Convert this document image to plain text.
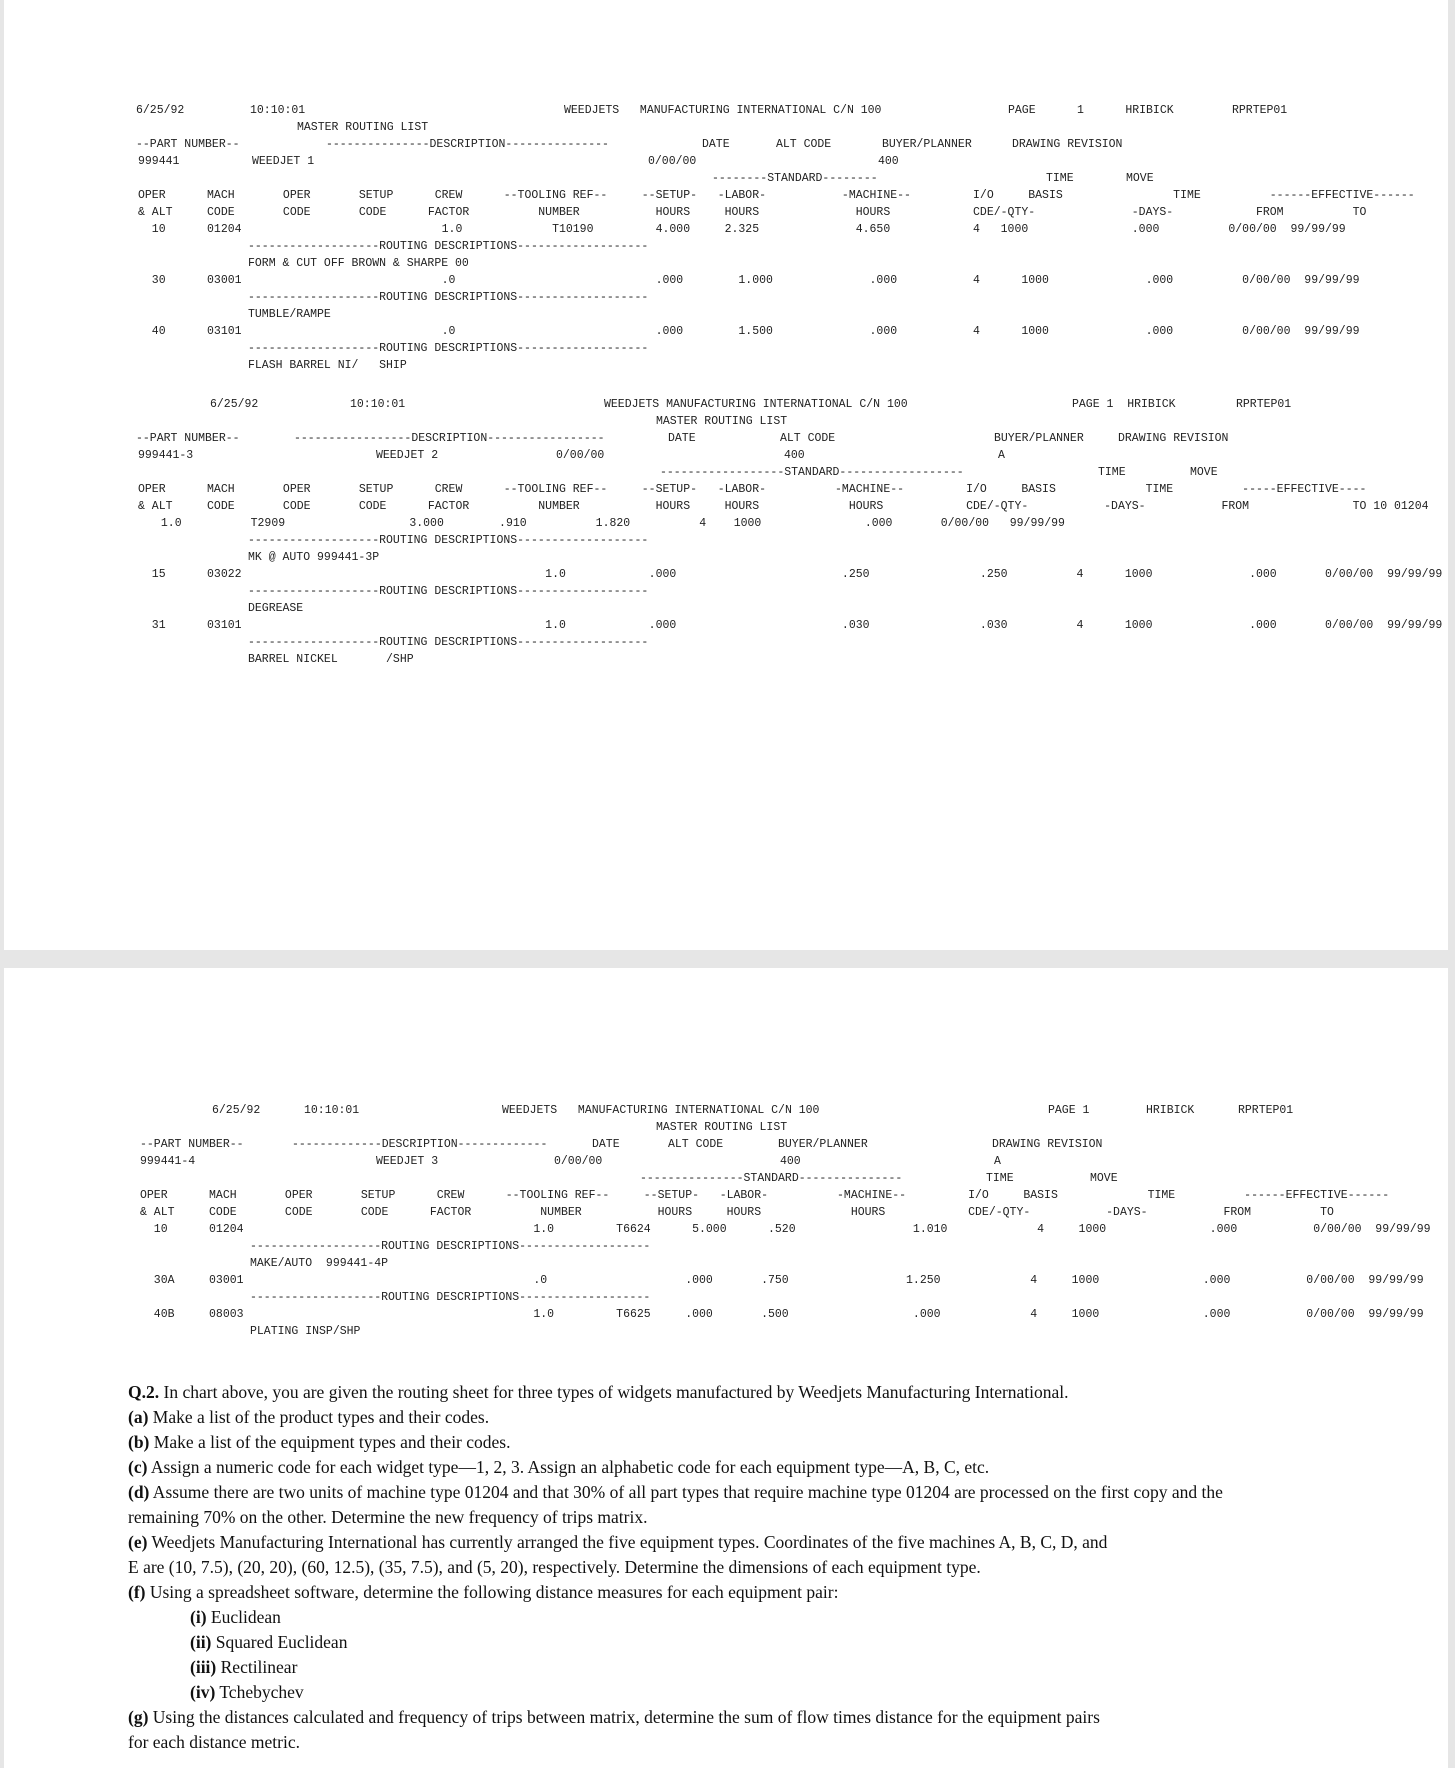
6/25/92	10:10:01	WEEDJETS   MANUFACTURING INTERNATIONAL C/N 100	PAGE      1      HRIBICK	RPRTEP01
MASTER ROUTING LIST
--PART NUMBER--	---------------DESCRIPTION---------------	DATE	ALT CODE	BUYER/PLANNER	DRAWING REVISION
999441	WEEDJET 1	0/00/00	400
--------STANDARD--------	TIME	MOVE
OPER      MACH       OPER       SETUP      CREW      --TOOLING REF--     --SETUP-   -LABOR-           -MACHINE--         I/O     BASIS                TIME          ------EFFECTIVE------
& ALT     CODE       CODE       CODE      FACTOR          NUMBER           HOURS     HOURS              HOURS            CDE/-QTY-              -DAYS-            FROM          TO
10      01204                             1.0             T10190         4.000     2.325              4.650            4   1000               .000          0/00/00  99/99/99
-------------------ROUTING DESCRIPTIONS-------------------
FORM & CUT OFF BROWN & SHARPE 00
30      03001                             .0                             .000        1.000              .000           4      1000              .000          0/00/00  99/99/99
-------------------ROUTING DESCRIPTIONS-------------------
TUMBLE/RAMPE
40      03101                             .0                             .000        1.500              .000           4      1000              .000          0/00/00  99/99/99
-------------------ROUTING DESCRIPTIONS-------------------
FLASH BARREL NI/   SHIP
6/25/92	10:10:01	WEEDJETS MANUFACTURING INTERNATIONAL C/N 100	PAGE 1  HRIBICK	RPRTEP01
MASTER ROUTING LIST
--PART NUMBER--	-----------------DESCRIPTION-----------------	DATE	ALT CODE	BUYER/PLANNER	DRAWING REVISION
999441-3	WEEDJET 2	0/00/00	400	A
------------------STANDARD------------------	TIME	MOVE
OPER      MACH       OPER       SETUP      CREW      --TOOLING REF--     --SETUP-   -LABOR-          -MACHINE--         I/O     BASIS             TIME          -----EFFECTIVE----
& ALT     CODE       CODE       CODE      FACTOR          NUMBER           HOURS     HOURS             HOURS            CDE/-QTY-           -DAYS-           FROM               TO 10 01204
1.0          T2909                  3.000        .910          1.820          4    1000               .000       0/00/00   99/99/99
-------------------ROUTING DESCRIPTIONS-------------------
MK @ AUTO 999441-3P
15      03022                                            1.0            .000                        .250                .250          4      1000              .000       0/00/00  99/99/99
-------------------ROUTING DESCRIPTIONS-------------------
DEGREASE
31      03101                                            1.0            .000                        .030                .030          4      1000              .000       0/00/00  99/99/99
-------------------ROUTING DESCRIPTIONS-------------------
BARREL NICKEL       /SHP
6/25/92	10:10:01	WEEDJETS   MANUFACTURING INTERNATIONAL C/N 100	PAGE 1	HRIBICK	RPRTEP01
MASTER ROUTING LIST
--PART NUMBER--	-------------DESCRIPTION-------------	DATE	ALT CODE	BUYER/PLANNER	DRAWING REVISION
999441-4	WEEDJET 3	0/00/00	400	A
---------------STANDARD---------------	TIME	MOVE
OPER      MACH       OPER       SETUP      CREW      --TOOLING REF--     --SETUP-   -LABOR-          -MACHINE--         I/O     BASIS             TIME          ------EFFECTIVE------
& ALT     CODE       CODE       CODE      FACTOR          NUMBER           HOURS     HOURS             HOURS            CDE/-QTY-           -DAYS-           FROM          TO
10      01204                                          1.0         T6624      5.000      .520                 1.010             4     1000               .000           0/00/00  99/99/99
-------------------ROUTING DESCRIPTIONS-------------------
MAKE/AUTO  999441-4P
30A     03001                                          .0                    .000       .750                 1.250             4     1000               .000           0/00/00  99/99/99
-------------------ROUTING DESCRIPTIONS-------------------
40B     08003                                          1.0         T6625     .000       .500                  .000             4     1000               .000           0/00/00  99/99/99
PLATING INSP/SHP
Q.2. In chart above, you are given the routing sheet for three types of widgets manufactured by Weedjets Manufacturing International.
(a) Make a list of the product types and their codes.
(b) Make a list of the equipment types and their codes.
(c) Assign a numeric code for each widget type—1, 2, 3. Assign an alphabetic code for each equipment type—A, B, C, etc.
(d) Assume there are two units of machine type 01204 and that 30% of all part types that require machine type 01204 are processed on the first copy and the
remaining 70% on the other. Determine the new frequency of trips matrix.
(e) Weedjets Manufacturing International has currently arranged the five equipment types. Coordinates of the five machines A, B, C, D, and
E are (10, 7.5), (20, 20), (60, 12.5), (35, 7.5), and (5, 20), respectively. Determine the dimensions of each equipment type.
(f) Using a spreadsheet software, determine the following distance measures for each equipment pair:
(i) Euclidean
(ii) Squared Euclidean
(iii) Rectilinear
(iv) Tchebychev
(g) Using the distances calculated and frequency of trips between matrix, determine the sum of flow times distance for the equipment pairs
for each distance metric.
